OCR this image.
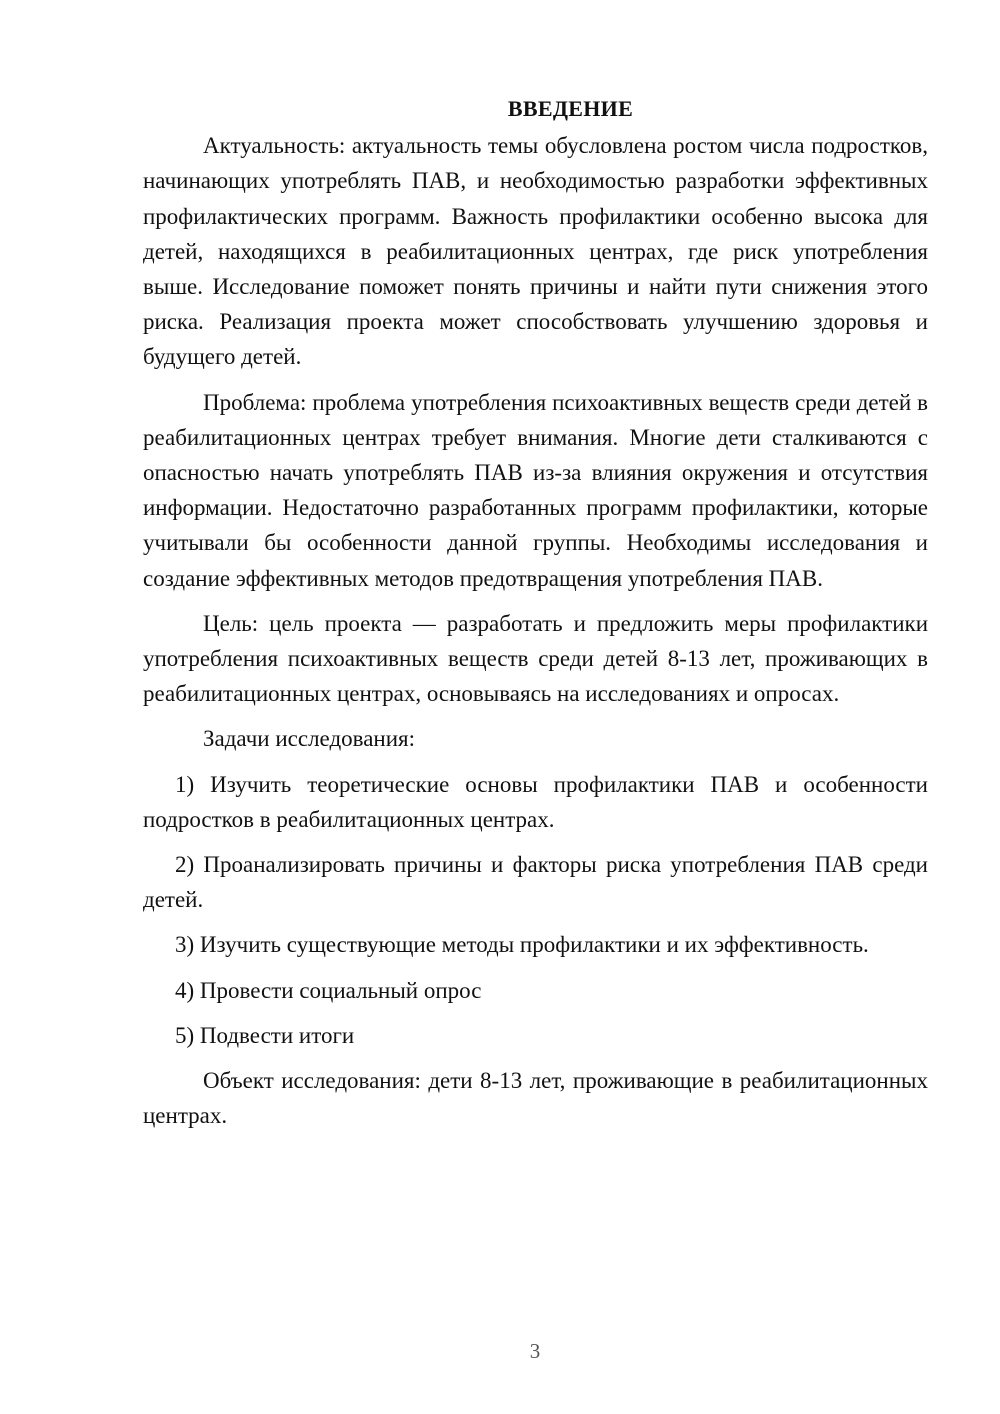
ВВЕДЕНИЕ

Актуальность: актуальность темы обусловлена ростом числа подростков, начинающих употреблять ПАВ, и необходимостью разработки эффективных профилактических программ. Важность профилактики особенно высока для детей, находящихся в реабилитационных центрах, где риск употребления выше. Исследование поможет понять причины и найти пути снижения этого риска. Реализация проекта может способствовать улучшению здоровья и будущего детей.

Проблема: проблема употребления психоактивных веществ среди детей в реабилитационных центрах требует внимания. Многие дети сталкиваются с опасностью начать употреблять ПАВ из-за влияния окружения и отсутствия информации. Недостаточно разработанных программ профилактики, которые учитывали бы особенности данной группы. Необходимы исследования и создание эффективных методов предотвращения употребления ПАВ.

Цель: цель проекта — разработать и предложить меры профилактики употребления психоактивных веществ среди детей 8-13 лет, проживающих в реабилитационных центрах, основываясь на исследованиях и опросах.

Задачи исследования:

1) Изучить теоретические основы профилактики ПАВ и особенности подростков в реабилитационных центрах.

2) Проанализировать причины и факторы риска употребления ПАВ среди детей.

3) Изучить существующие методы профилактики и их эффективность.

4) Провести социальный опрос

5) Подвести итоги

Объект исследования: дети 8-13 лет, проживающие в реабилитационных центрах.

3
